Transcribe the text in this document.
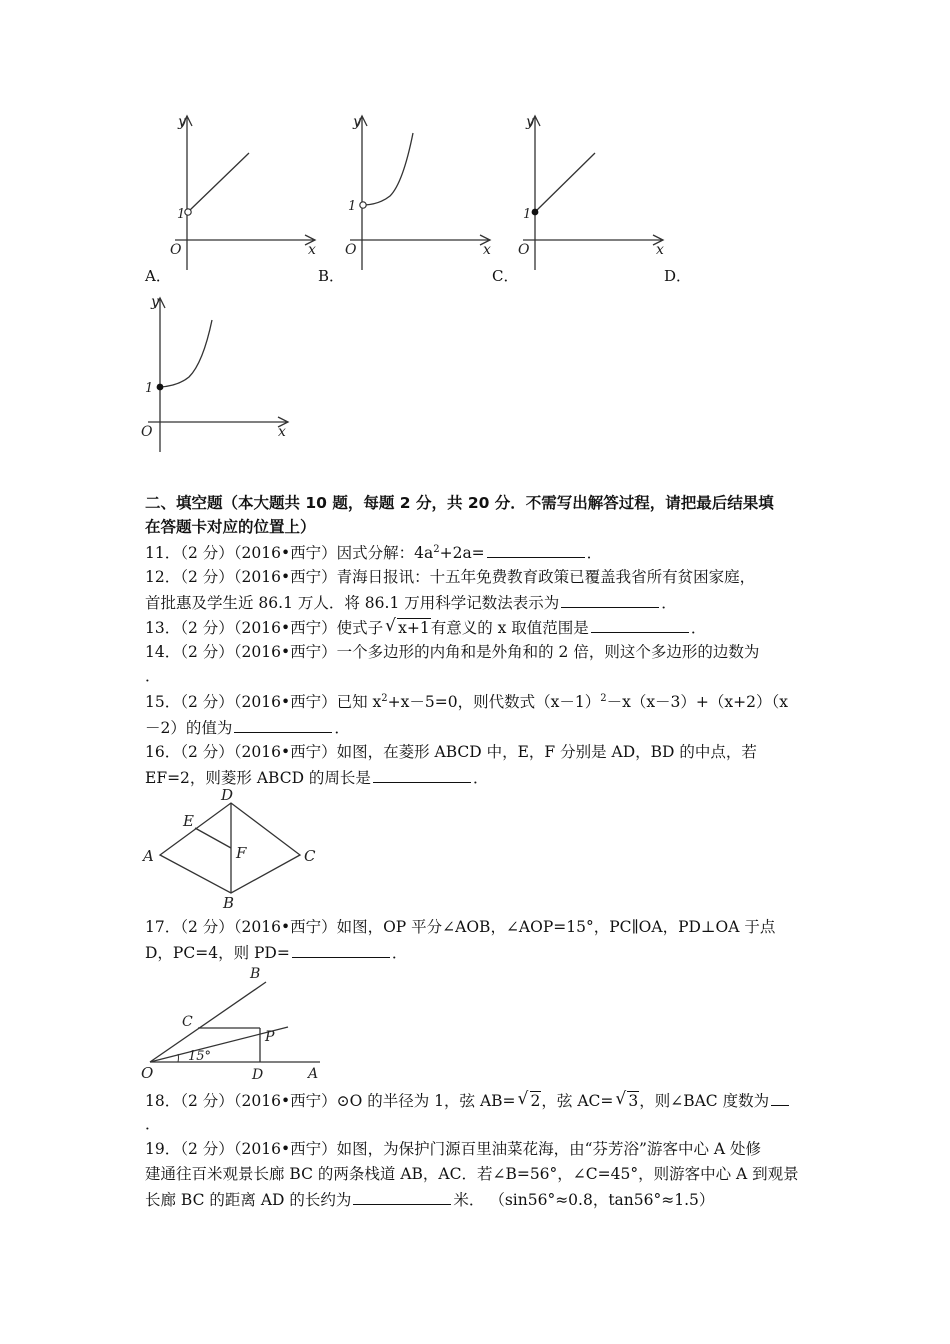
y
x
O
1
y
x
O
1
y
x
O
1
y
x
O
1
A．	B．	C．	D．
二、填空题（本大题共 10 题，每题 2 分，共 20 分．不需写出解答过程，请把最后结果填
在答题卡对应的位置上）
11．（2 分）（2016•西宁）因式分解：$4a^2+2a=$	．
12．（2 分）（2016•西宁）青海日报讯：十五年免费教育政策已覆盖我省所有贫困家庭，
首批惠及学生近 86.1 万人．将 86.1 万用科学记数法表示为	．
13．（2 分）（2016•西宁）使式子 √ x+1有意义的 x 取值范围是	．
14．（2 分）（2016•西宁）一个多边形的内角和是外角和的 2 倍，则这个多边形的边数为
．
15．（2 分）（2016•西宁）已知 $x^2+x-5=0$，则代数式$(x-1)^2-x(x-3)+(x+2)(x$
－2）的值为	．
16．（2 分）（2016•西宁）如图，在菱形 ABCD 中，E，F 分别是 AD，BD 的中点，若
EF=2，则菱形 ABCD 的周长是	．
A
B
C
D
E
F
17．（2 分）（2016•西宁）如图，OP 平分∠AOB，∠AOP=15°，PC∥OA，PD⊥OA 于点
D，PC=4，则 PD=	．
O	A
B
C
D
P
15°
18．（2 分）（2016•西宁）⊙O 的半径为 1，弦 AB= √ 2，弦 AC= √ 3，则∠BAC 度数为
．
19．（2 分）（2016•西宁）如图，为保护门源百里油菜花海，由“芬芳浴”游客中心 A 处修
建通往百米观景长廊 BC 的两条栈道 AB，AC．若∠B=56°，∠C=45°，则游客中心 A 到观景
长廊 BC 的距离 AD 的长约为	米． （sin56°≈0.8，tan56°≈1.5）
